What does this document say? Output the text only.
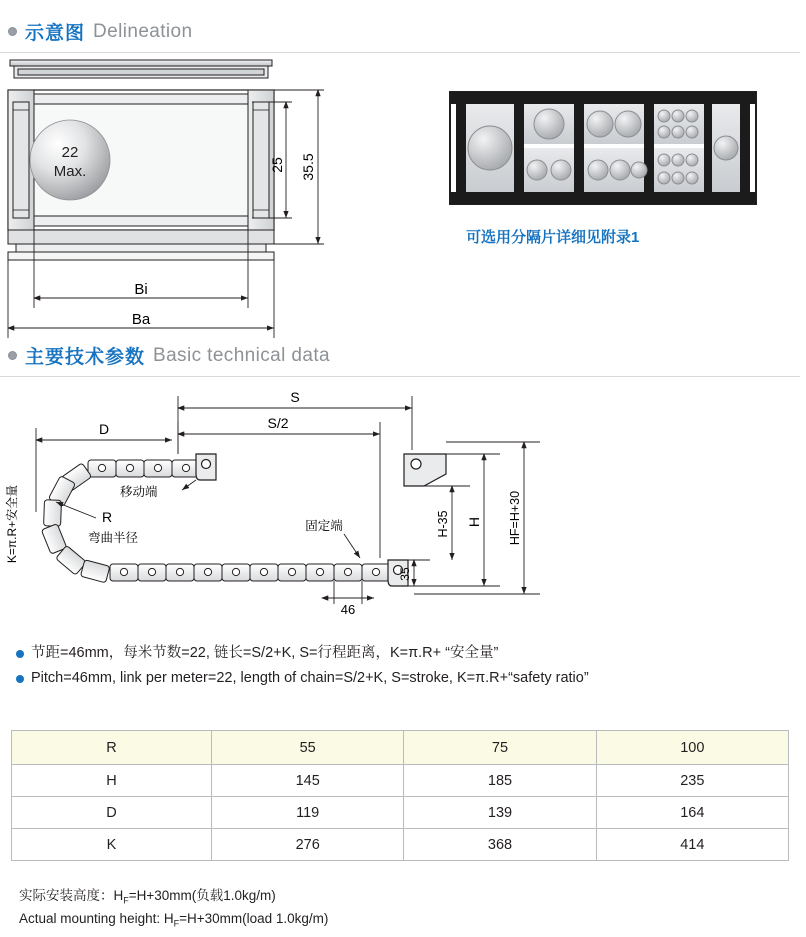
示意图 Delineation
22
Max.	25 35.5
Bi
Ba
可选用分隔片详细见附录1
主要技术参数 Basic technical data
S
S/2
D
R
弯曲半径
K=π.R+安全量	移动端
固定端
35
46
H-35 H HF=H+30
节距=46mm，每米节数=22, 链长=S/2+K, S=行程距离，K=π.R+ “安全量”
Pitch=46mm, link per meter=22, length of chain=S/2+K, S=stroke, K=π.R+“safety ratio”
R	55	75	100
H	145	185	235
D	119	139	164
K	276	368	414
实际安装高度：$H_F=H+30mm$(负载1.0kg/m)
Actual mounting height: $H_F=H+30mm(load$ 1.0kg/m)
